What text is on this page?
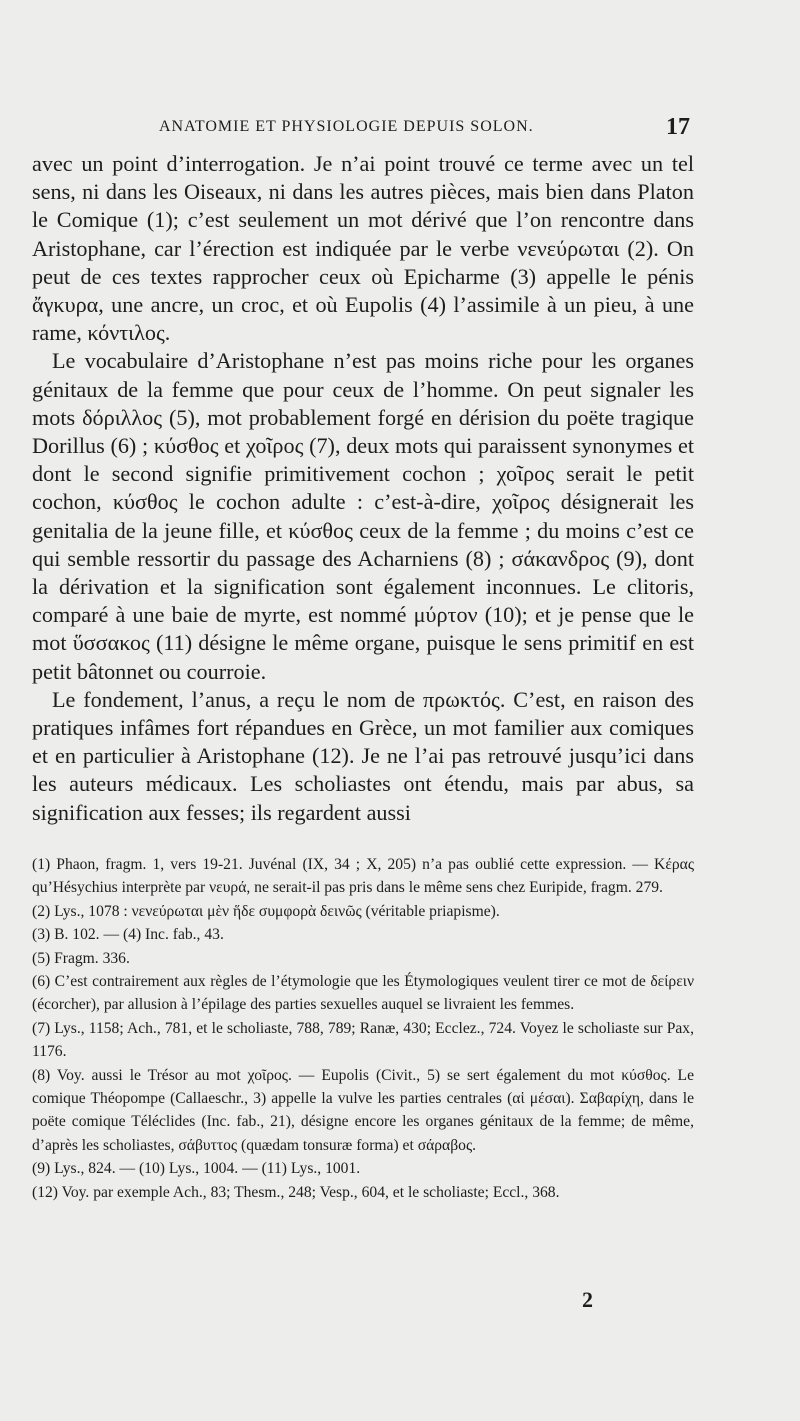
ANATOMIE ET PHYSIOLOGIE DEPUIS SOLON.	17

avec un point d’interrogation. Je n’ai point trouvé ce terme avec un tel sens, ni dans les Oiseaux, ni dans les autres pièces, mais bien dans Platon le Comique (1); c’est seulement un mot dérivé que l’on rencontre dans Aristophane, car l’érection est indiquée par le verbe νενεύρωται (2). On peut de ces textes rapprocher ceux où Epicharme (3) appelle le pénis ἄγκυρα, une ancre, un croc, et où Eupolis (4) l’assimile à un pieu, à une rame, κόντιλος.

Le vocabulaire d’Aristophane n’est pas moins riche pour les organes génitaux de la femme que pour ceux de l’homme. On peut signaler les mots δόριλλος (5), mot probablement forgé en dérision du poëte tragique Dorillus (6) ; κύσθος et χοῖρος (7), deux mots qui paraissent synonymes et dont le second signifie primitivement cochon ; χοῖρος serait le petit cochon, κύσθος le cochon adulte : c’est-à-dire, χοῖρος désignerait les genitalia de la jeune fille, et κύσθος ceux de la femme ; du moins c’est ce qui semble ressortir du passage des Acharniens (8) ; σάκανδρος (9), dont la dérivation et la signification sont également inconnues. Le clitoris, comparé à une baie de myrte, est nommé μύρτον (10); et je pense que le mot ὕσσακος (11) désigne le même organe, puisque le sens primitif en est petit bâtonnet ou courroie.

Le fondement, l’anus, a reçu le nom de πρωκτός. C’est, en raison des pratiques infâmes fort répandues en Grèce, un mot familier aux comiques et en particulier à Aristophane (12). Je ne l’ai pas retrouvé jusqu’ici dans les auteurs médicaux. Les scholiastes ont étendu, mais par abus, sa signification aux fesses; ils regardent aussi

(1) Phaon, fragm. 1, vers 19-21. Juvénal (IX, 34 ; X, 205) n’a pas oublié cette expression. — Κέρας qu’Hésychius interprète par νευρά, ne serait-il pas pris dans le même sens chez Euripide, fragm. 279.

(2) Lys., 1078 : νενεύρωται μὲν ἥδε συμφορὰ δεινῶς (véritable priapisme).

(3) B. 102. — (4) Inc. fab., 43.

(5) Fragm. 336.

(6) C’est contrairement aux règles de l’étymologie que les Étymologiques veulent tirer ce mot de δείρειν (écorcher), par allusion à l’épilage des parties sexuelles auquel se livraient les femmes.

(7) Lys., 1158; Ach., 781, et le scholiaste, 788, 789; Ranæ, 430; Ecclez., 724. Voyez le scholiaste sur Pax, 1176.

(8) Voy. aussi le Trésor au mot χοῖρος. — Eupolis (Civit., 5) se sert également du mot κύσθος. Le comique Théopompe (Callaeschr., 3) appelle la vulve les parties centrales (αἱ μέσαι). Σαβαρίχη, dans le poëte comique Téléclides (Inc. fab., 21), désigne encore les organes génitaux de la femme; de même, d’après les scholiastes, σάβυττος (quædam tonsuræ forma) et σάραβος.

(9) Lys., 824. — (10) Lys., 1004. — (11) Lys., 1001.

(12) Voy. par exemple Ach., 83; Thesm., 248; Vesp., 604, et le scholiaste; Eccl., 368.

2
